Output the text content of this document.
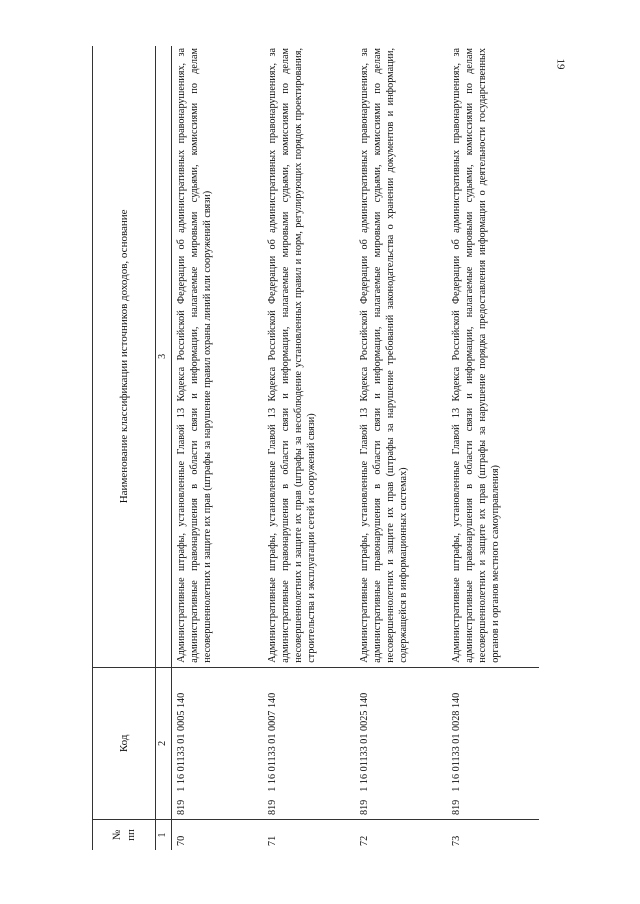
19
№ пп	Код		Наименование классификации источников доходов, основание
1	2		3
70	819	1 16 01133 01 0005 140	Административные штрафы, установленные Главой 13 Кодекса Российской Федерации об административных правонарушениях, за административные правонарушения в области связи и информации, налагаемые мировыми судьями, комиссиями по делам несовершеннолетних и защите их прав (штрафы за нарушение правил охраны линий или сооружений связи)
71	819	1 16 01133 01 0007 140	Административные штрафы, установленные Главой 13 Кодекса Российской Федерации об административных правонарушениях, за административные правонарушения в области связи и информации, налагаемые мировыми судьями, комиссиями по делам несовершеннолетних и защите их прав (штрафы за несоблюдение установленных правил и норм, регулирующих порядок проектирования, строительства и эксплуатации сетей и сооружений связи)
72	819	1 16 01133 01 0025 140	Административные штрафы, установленные Главой 13 Кодекса Российской Федерации об административных правонарушениях, за административные правонарушения в области связи и информации, налагаемые мировыми судьями, комиссиями по делам несовершеннолетних и защите их прав (штрафы за нарушение требований законодательства о хранении документов и информации, содержащейся в информационных системах)
73	819	1 16 01133 01 0028 140	Административные штрафы, установленные Главой 13 Кодекса Российской Федерации об административных правонарушениях, за административные правонарушения в области связи и информации, налагаемые мировыми судьями, комиссиями по делам несовершеннолетних и защите их прав (штрафы за нарушение порядка предоставления информации о деятельности государственных органов и органов местного самоуправления)
